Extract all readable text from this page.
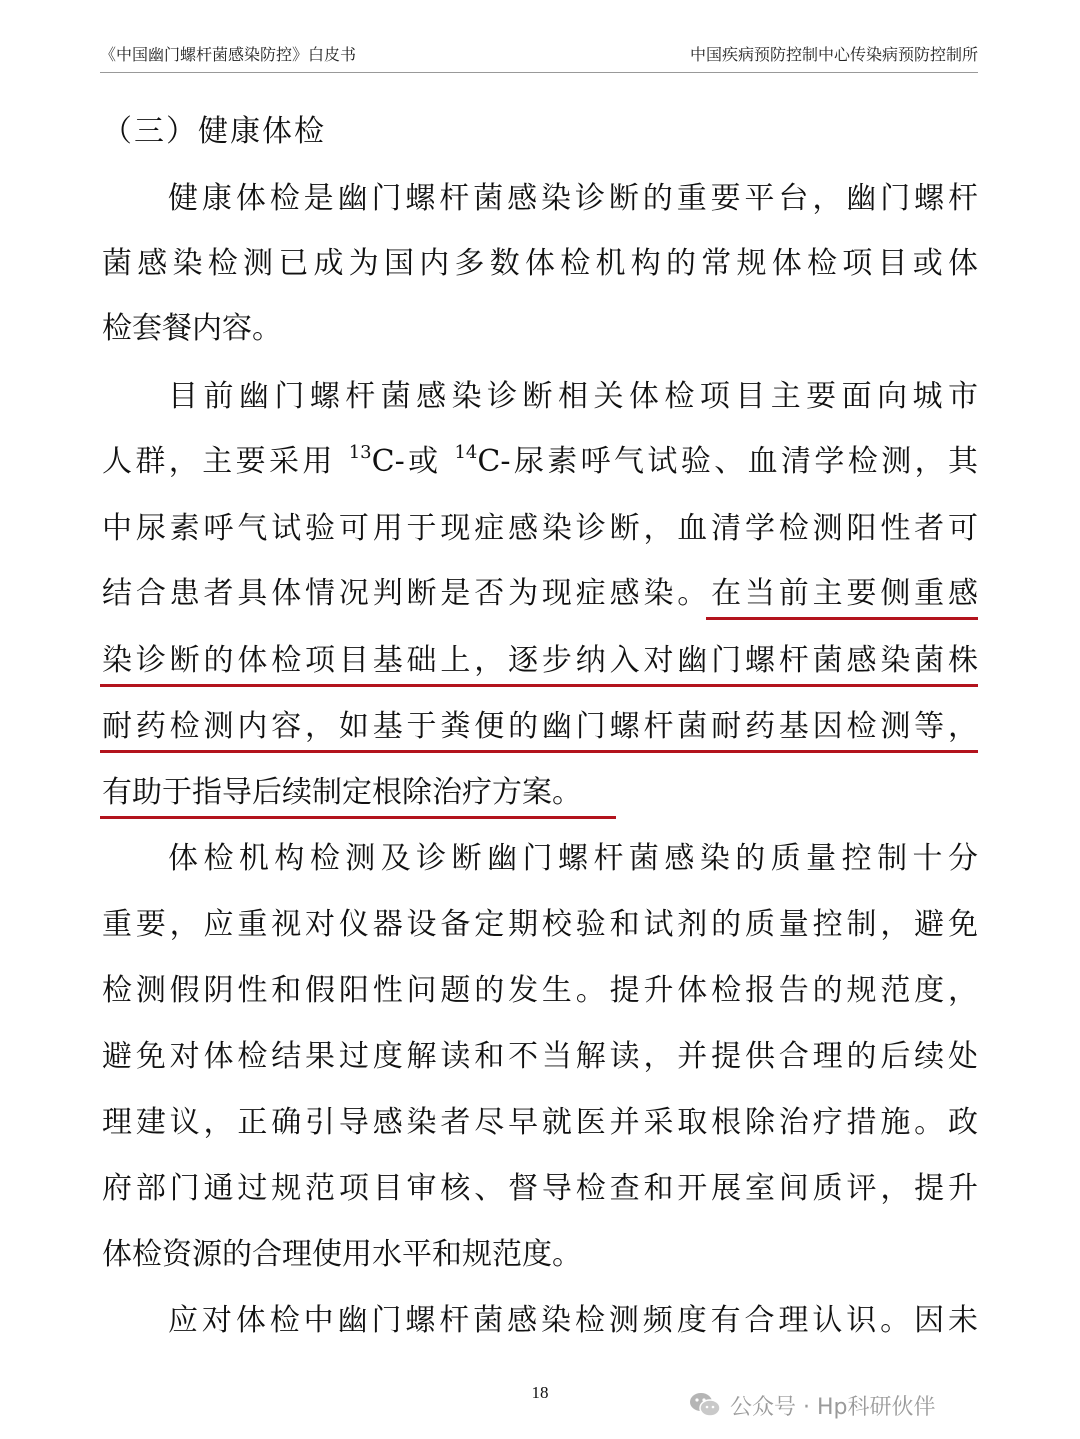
《中国幽门螺杆菌感染防控》白皮书	中国疾病预防控制中心传染病预防控制所
（三）健康体检
健康体检是幽门螺杆菌感染诊断的重要平台，幽门螺杆
菌感染检测已成为国内多数体检机构的常规体检项目或体
检套餐内容。
目前幽门螺杆菌感染诊断相关体检项目主要面向城市
人群，主要采用 $^{13}$C-或 $^{14}$C-尿素呼气试验、血清学检测，其
中尿素呼气试验可用于现症感染诊断，血清学检测阳性者可
结合患者具体情况判断是否为现症感染。在当前主要侧重感
染诊断的体检项目基础上，逐步纳入对幽门螺杆菌感染菌株
耐药检测内容，如基于粪便的幽门螺杆菌耐药基因检测等，
有助于指导后续制定根除治疗方案。
体检机构检测及诊断幽门螺杆菌感染的质量控制十分
重要，应重视对仪器设备定期校验和试剂的质量控制，避免
检测假阴性和假阳性问题的发生。提升体检报告的规范度，
避免对体检结果过度解读和不当解读，并提供合理的后续处
理建议，正确引导感染者尽早就医并采取根除治疗措施。政
府部门通过规范项目审核、督导检查和开展室间质评，提升
体检资源的合理使用水平和规范度。
应对体检中幽门螺杆菌感染检测频度有合理认识。因未
18
公众号 · Hp科研伙伴
